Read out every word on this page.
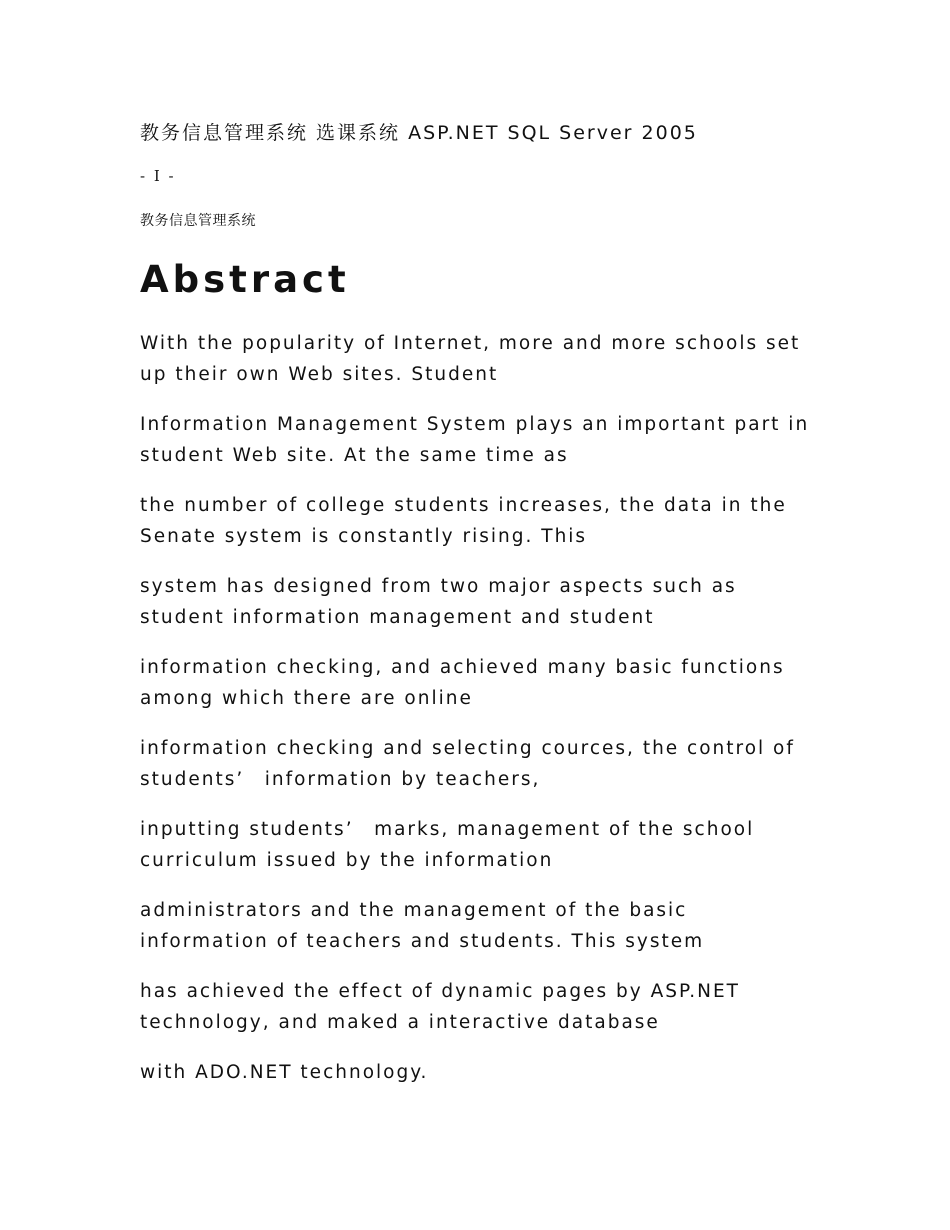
教务信息管理系统 选课系统 ASP.NET SQL Server 2005
- I -
教务信息管理系统
Abstract

With the popularity of Internet, more and more schools set
up their own Web sites. Student

Information Management System plays an important part in
student Web site. At the same time as

the number of college students increases, the data in the
Senate system is constantly rising. This

system has designed from two major aspects such as
student information management and student

information checking, and achieved many basic functions
among which there are online

information checking and selecting cources, the control of
students’　information by teachers,

inputting students’　marks, management of the school
curriculum issued by the information

administrators and the management of the basic
information of teachers and students. This system

has achieved the effect of dynamic pages by ASP.NET
technology, and maked a interactive database

with ADO.NET technology.
